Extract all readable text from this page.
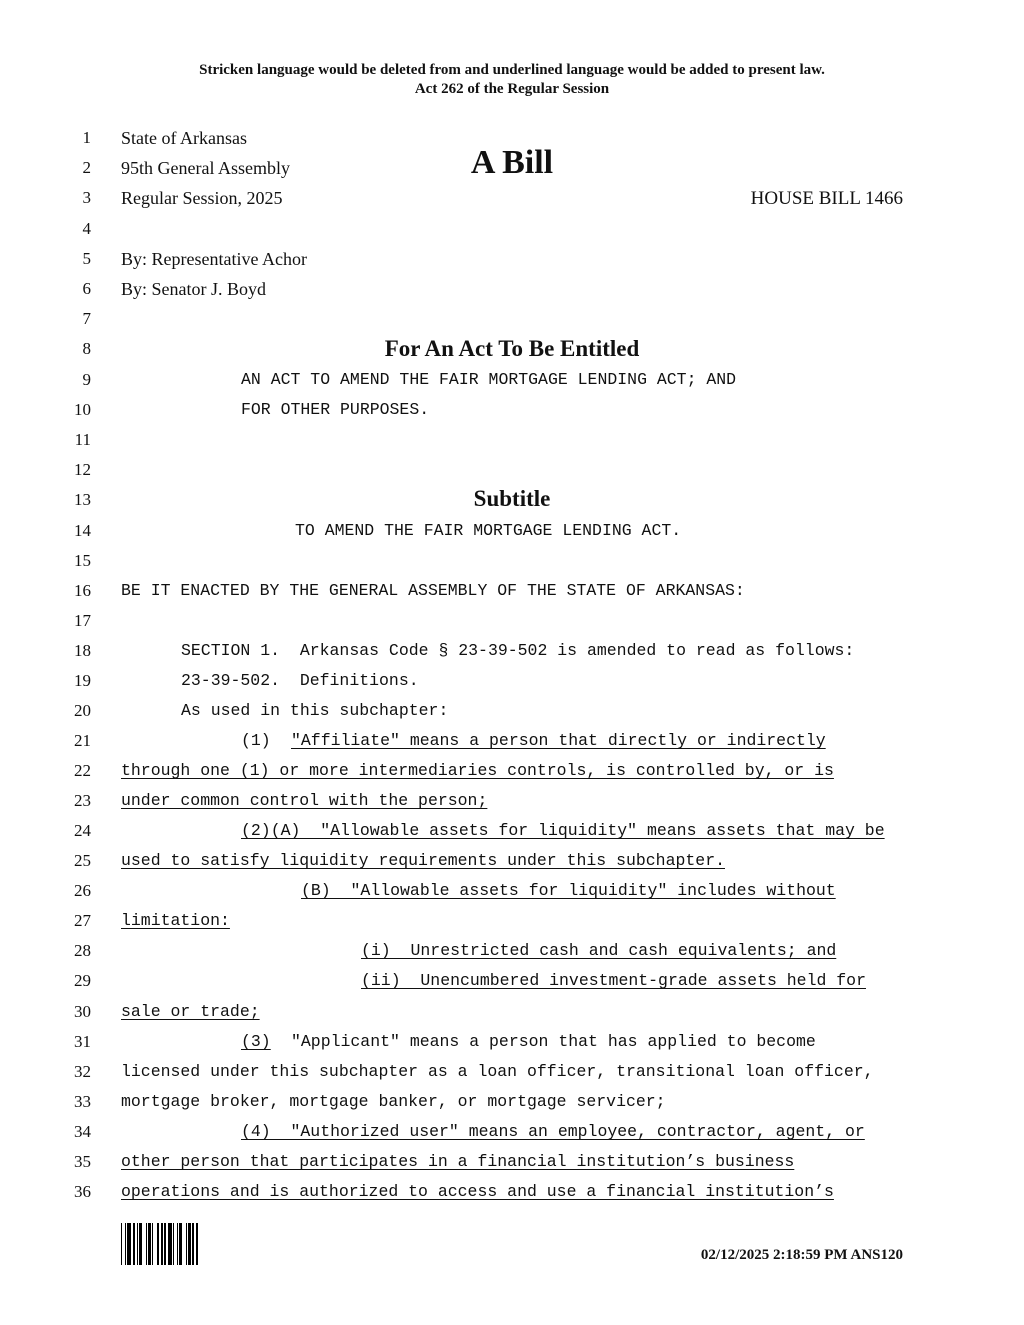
Stricken language would be deleted from and underlined language would be added to present law.
Act 262 of the Regular Session
1
2
3
4
5
6
7
8
9
10
11
12
13
14
15
16
17
18
19
20
21
22
23
24
25
26
27
28
29
30
31
32
33
34
35
36
State of Arkansas
95th General Assembly
Regular Session, 2025
A Bill
HOUSE BILL 1466
By: Representative Achor
By: Senator J. Boyd
For An Act To Be Entitled
AN ACT TO AMEND THE FAIR MORTGAGE LENDING ACT; AND
FOR OTHER PURPOSES.
Subtitle
TO AMEND THE FAIR MORTGAGE LENDING ACT.
BE IT ENACTED BY THE GENERAL ASSEMBLY OF THE STATE OF ARKANSAS:
SECTION 1.  Arkansas Code § 23-39-502 is amended to read as follows:
23-39-502.  Definitions.
As used in this subchapter:
(1) "Affiliate" means a person that directly or indirectly
through one (1) or more intermediaries controls, is controlled by, or is
under common control with the person;
(2)(A)  "Allowable assets for liquidity" means assets that may be
used to satisfy liquidity requirements under this subchapter.
(B)  "Allowable assets for liquidity" includes without
limitation:
(i)  Unrestricted cash and cash equivalents; and
(ii)  Unencumbered investment-grade assets held for
sale or trade;
(3) "Applicant" means a person that has applied to become
licensed under this subchapter as a loan officer, transitional loan officer,
mortgage broker, mortgage banker, or mortgage servicer;
(4)  "Authorized user" means an employee, contractor, agent, or
other person that participates in a financial institution’s business
operations and is authorized to access and use a financial institution’s
02/12/2025 2:18:59 PM ANS120
